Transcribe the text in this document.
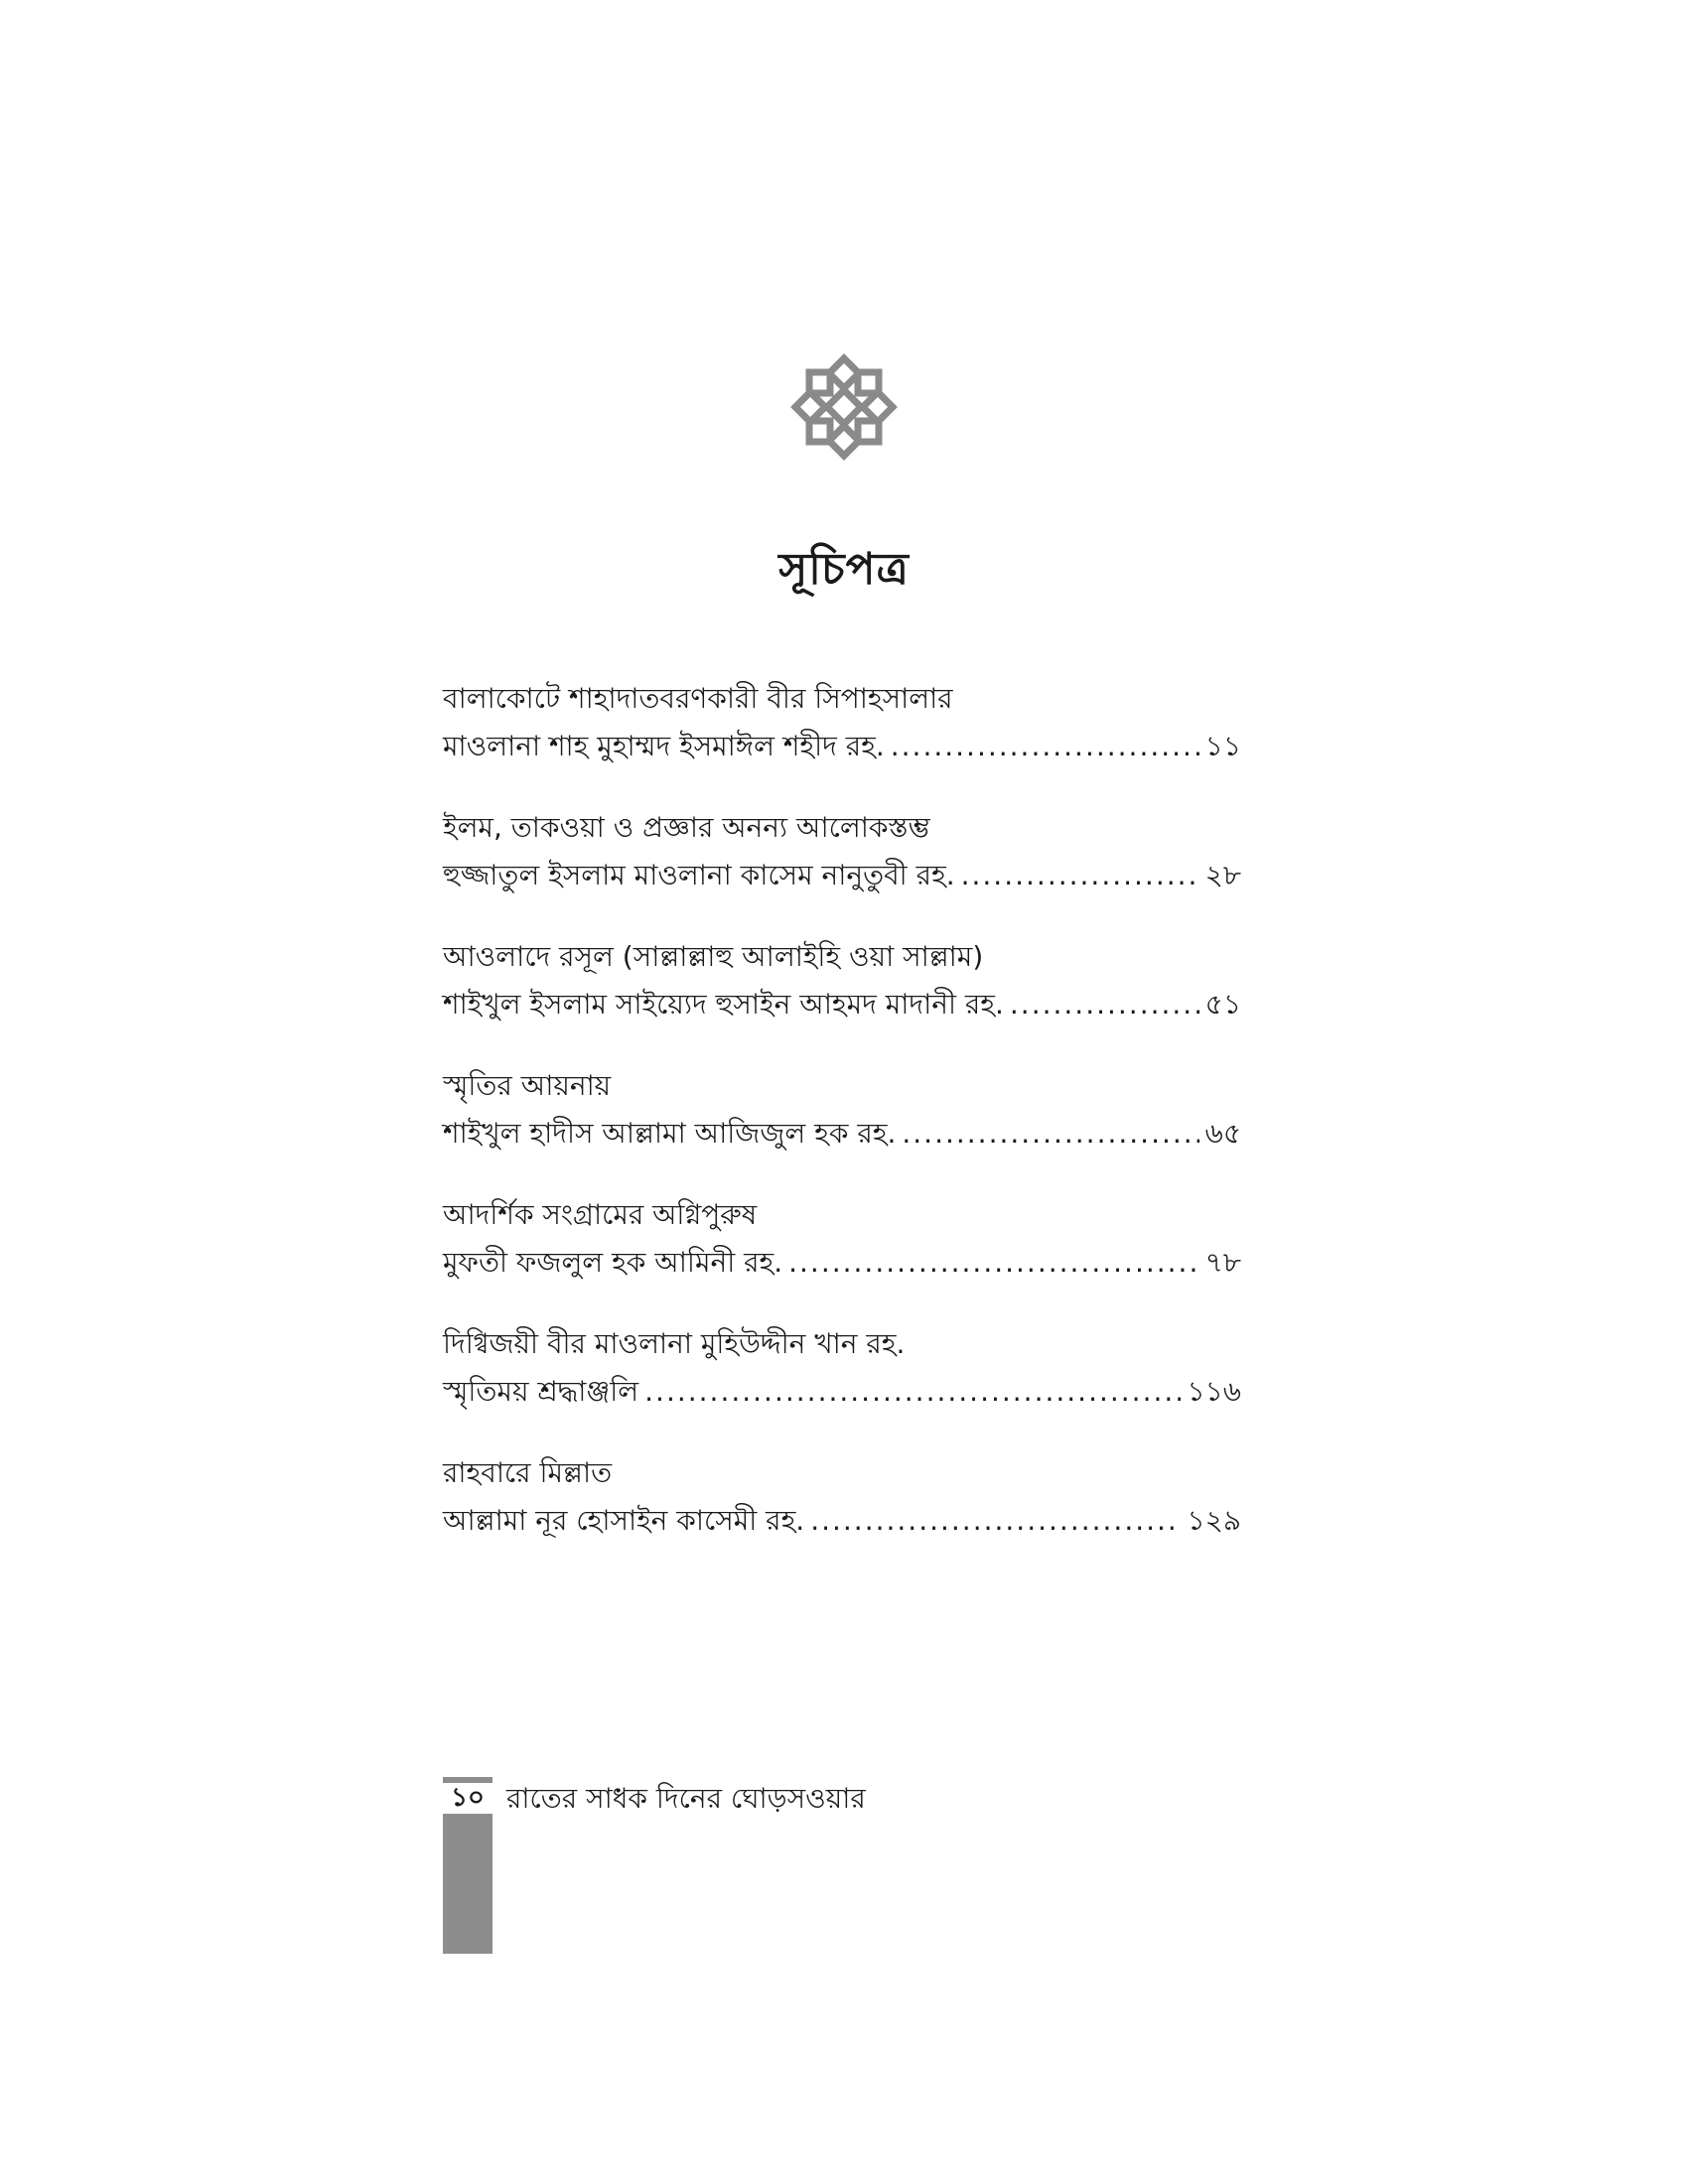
সূচিপত্র
বালাকোটে শাহাদাতবরণকারী বীর সিপাহসালার
মাওলানা শাহ মুহাম্মদ ইসমাঈল শহীদ রহ. .....	১১
ইলম, তাকওয়া ও প্রজ্ঞার অনন্য আলোকস্তম্ভ
হুজ্জাতুল ইসলাম মাওলানা কাসেম নানুতুবী রহ. .....	২৮
আওলাদে রসূল (সাল্লাল্লাহু আলাইহি ওয়া সাল্লাম)
শাইখুল ইসলাম সাইয়্যেদ হুসাইন আহমদ মাদানী রহ. .....	৫১
স্মৃতির আয়নায়
শাইখুল হাদীস আল্লামা আজিজুল হক রহ. .....	৬৫
আদর্শিক সংগ্রামের অগ্নিপুরুষ
মুফতী ফজলুল হক আমিনী রহ. .....	৭৮
দিগ্বিজয়ী বীর মাওলানা মুহিউদ্দীন খান রহ.
স্মৃতিময় শ্রদ্ধাঞ্জলি .....	১১৬
রাহবারে মিল্লাত
আল্লামা নূর হোসাইন কাসেমী রহ. .....	১২৯
১০ রাতের সাধক দিনের ঘোড়সওয়ার
